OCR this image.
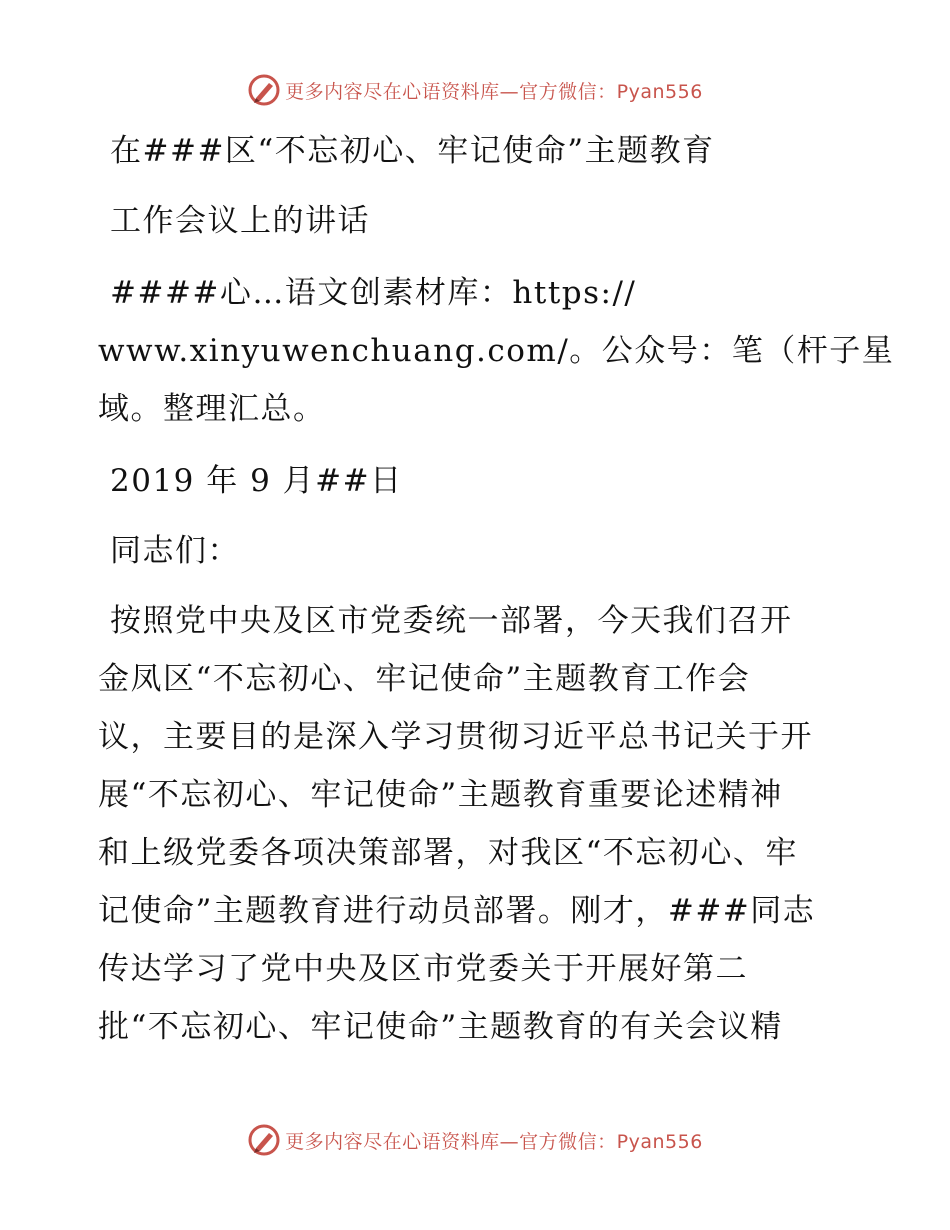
更多内容尽在心语资料库—官方微信：Pyan556
在###区“不忘初心、牢记使命”主题教育
工作会议上的讲话
####心…语文创素材库：https://
www.xinyuwenchuang.com/。公众号：笔（杆子星
域。整理汇总。
2019 年 9 月##日
同志们：
按照党中央及区市党委统一部署，今天我们召开
金凤区“不忘初心、牢记使命”主题教育工作会
议，主要目的是深入学习贯彻习近平总书记关于开
展“不忘初心、牢记使命”主题教育重要论述精神
和上级党委各项决策部署，对我区“不忘初心、牢
记使命”主题教育进行动员部署。刚才，###同志
传达学习了党中央及区市党委关于开展好第二
批“不忘初心、牢记使命”主题教育的有关会议精
更多内容尽在心语资料库—官方微信：Pyan556
